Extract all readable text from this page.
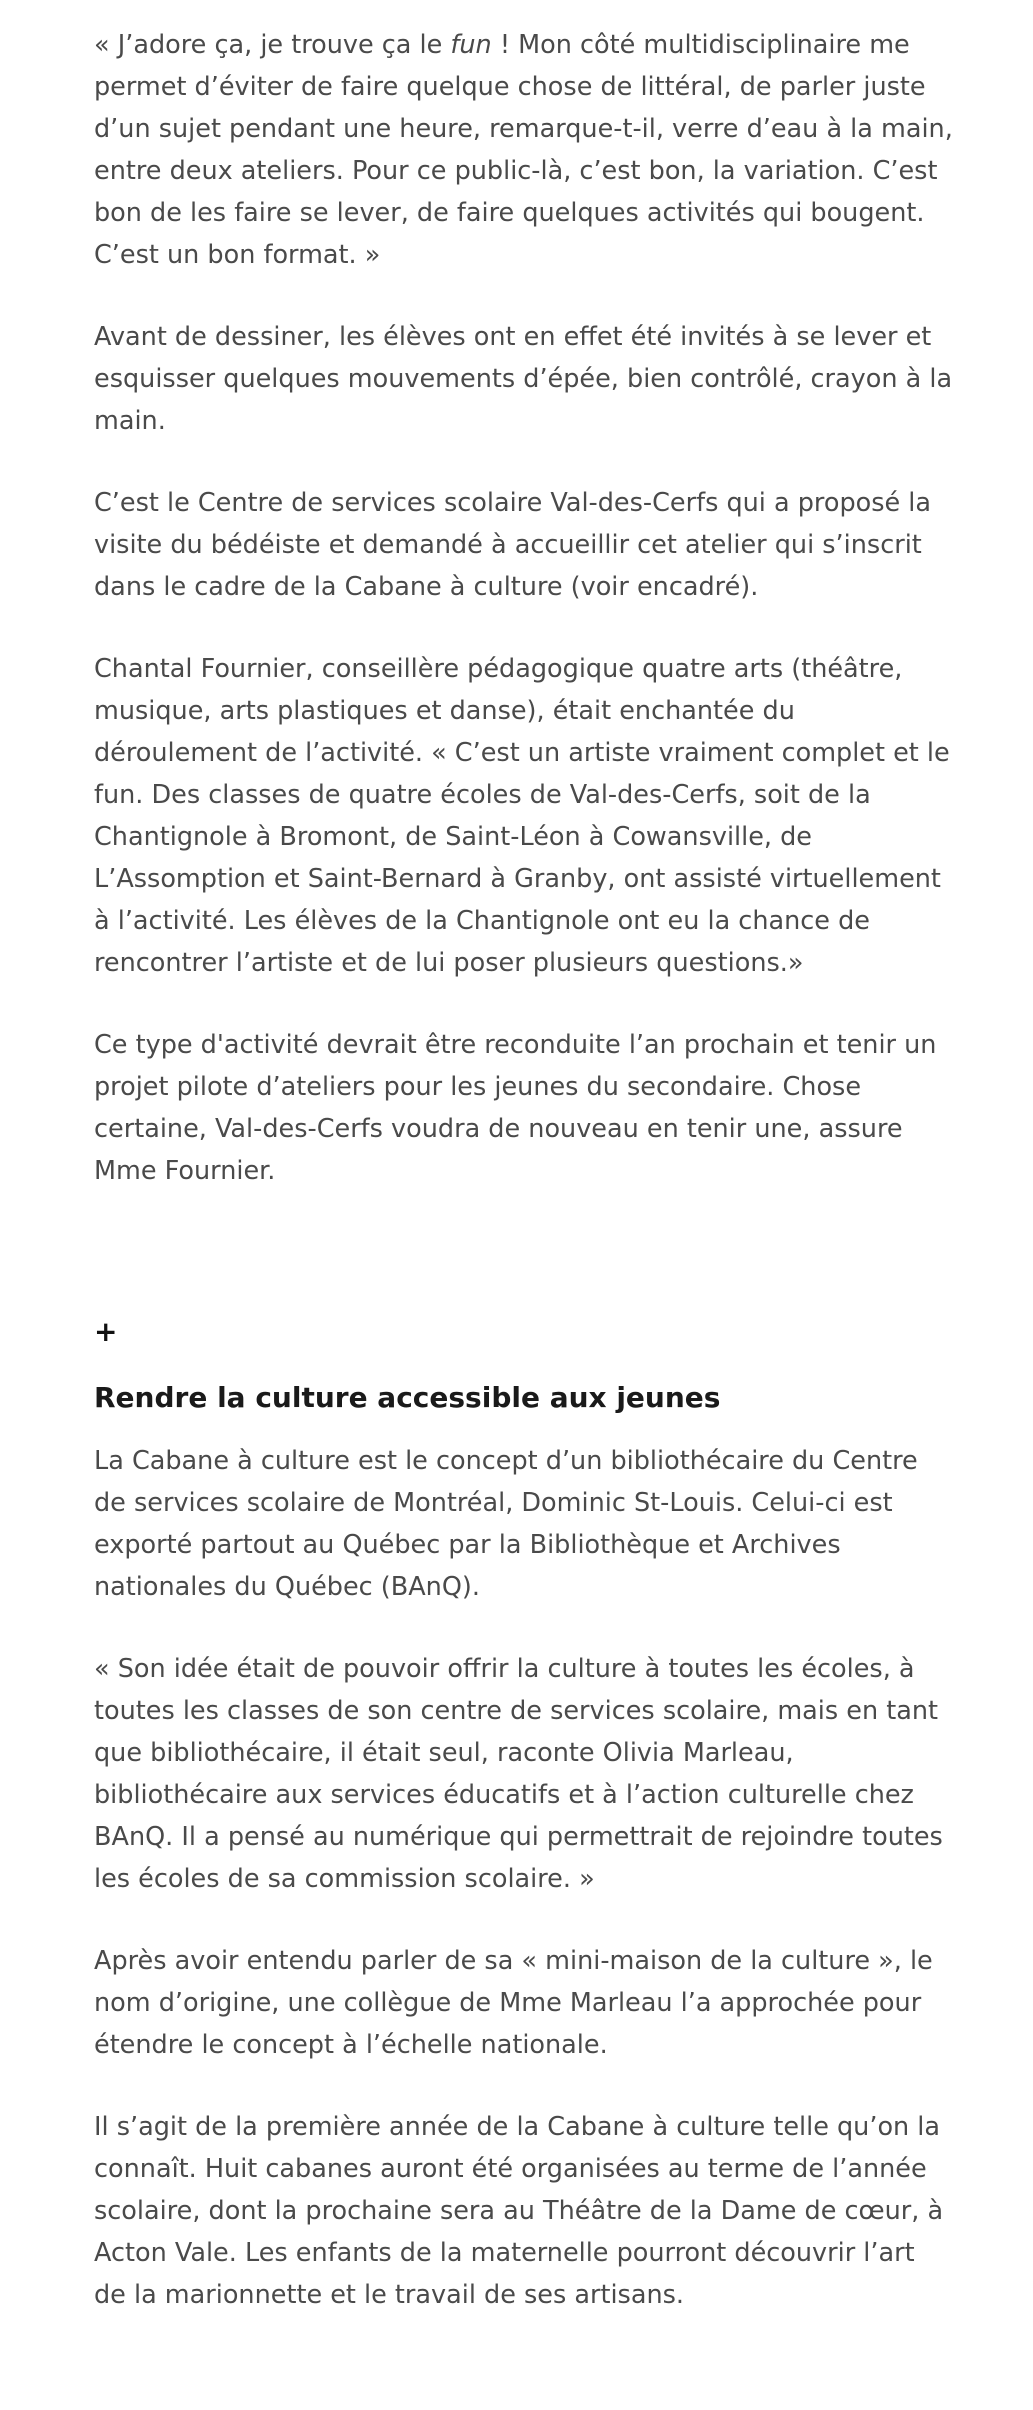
« J’adore ça, je trouve ça le fun ! Mon côté multidisciplinaire me permet d’éviter de faire quelque chose de littéral, de parler juste d’un sujet pendant une heure, remarque-t-il, verre d’eau à la main, entre deux ateliers. Pour ce public-là, c’est bon, la variation. C’est bon de les faire se lever, de faire quelques activités qui bougent. C’est un bon format. »

Avant de dessiner, les élèves ont en effet été invités à se lever et esquisser quelques mouvements d’épée, bien contrôlé, crayon à la main.

C’est le Centre de services scolaire Val-des-Cerfs qui a proposé la visite du bédéiste et demandé à accueillir cet atelier qui s’inscrit dans le cadre de la Cabane à culture (voir encadré).

Chantal Fournier, conseillère pédagogique quatre arts (théâtre, musique, arts plastiques et danse), était enchantée du déroulement de l’activité. « C’est un artiste vraiment complet et le fun. Des classes de quatre écoles de Val-des-Cerfs, soit de la Chantignole à Bromont, de Saint-Léon à Cowansville, de L’Assomption et Saint-Bernard à Granby, ont assisté virtuellement à l’activité. Les élèves de la Chantignole ont eu la chance de rencontrer l’artiste et de lui poser plusieurs questions.»

Ce type d'activité devrait être reconduite l’an prochain et tenir un projet pilote d’ateliers pour les jeunes du secondaire. Chose certaine, Val-des-Cerfs voudra de nouveau en tenir une, assure Mme Fournier.

+
Rendre la culture accessible aux jeunes

La Cabane à culture est le concept d’un bibliothécaire du Centre de services scolaire de Montréal, Dominic St-Louis. Celui-ci est exporté partout au Québec par la Bibliothèque et Archives nationales du Québec (BAnQ).

« Son idée était de pouvoir offrir la culture à toutes les écoles, à toutes les classes de son centre de services scolaire, mais en tant que bibliothécaire, il était seul, raconte Olivia Marleau, bibliothécaire aux services éducatifs et à l’action culturelle chez BAnQ. Il a pensé au numérique qui permettrait de rejoindre toutes les écoles de sa commission scolaire. »

Après avoir entendu parler de sa « mini-maison de la culture », le nom d’origine, une collègue de Mme Marleau l’a approchée pour étendre le concept à l’échelle nationale.

Il s’agit de la première année de la Cabane à culture telle qu’on la connaît. Huit cabanes auront été organisées au terme de l’année scolaire, dont la prochaine sera au Théâtre de la Dame de cœur, à Acton Vale. Les enfants de la maternelle pourront découvrir l’art de la marionnette et le travail de ses artisans.
